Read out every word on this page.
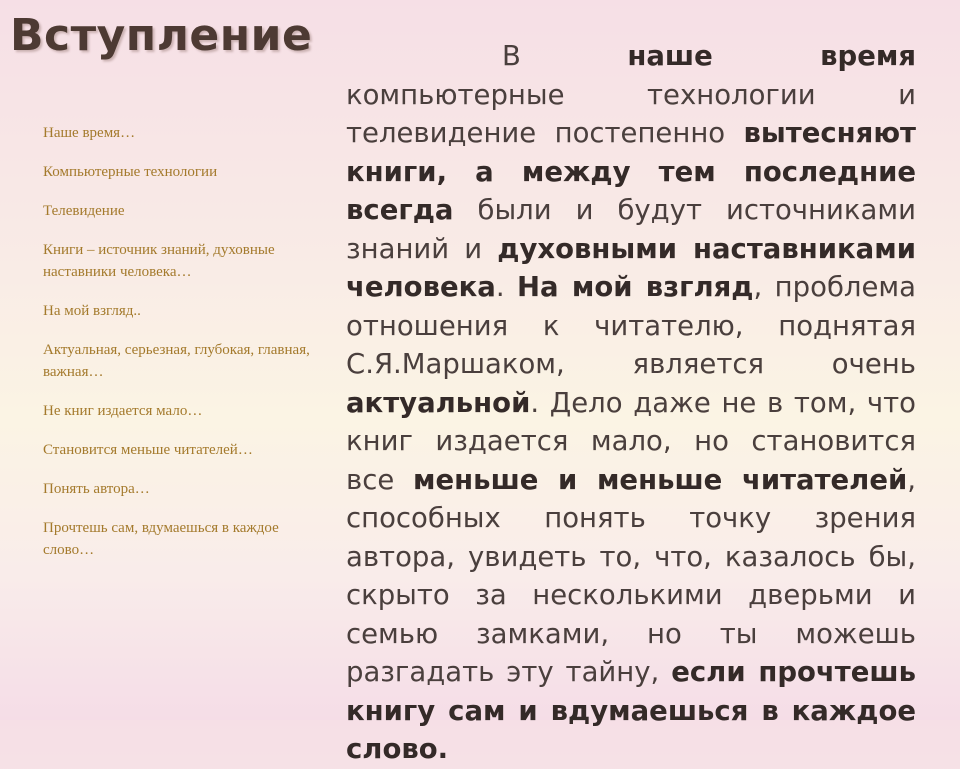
Вступление
Наше время…
Компьютерные технологии
Телевидение
Книги – источник знаний, духовные наставники человека…
На мой взгляд..
Актуальная, серьезная, глубокая, главная, важная…
Не книг издается мало…
Становится меньше читателей…
Понять автора…
Прочтешь сам, вдумаешься в каждое слово…

В наше время компьютерные технологии и телевидение постепенно вытесняют книги, а между тем последние всегда были и будут источниками знаний и духовными наставниками человека. На мой взгляд, проблема отношения к читателю, поднятая С.Я.Маршаком, является очень актуальной. Дело даже не в том, что книг издается мало, но становится все меньше и меньше читателей, способных понять точку зрения автора, увидеть то, что, казалось бы, скрыто за несколькими дверьми и семью замками, но ты можешь разгадать эту тайну, если прочтешь книгу сам и вдумаешься в каждое слово.
